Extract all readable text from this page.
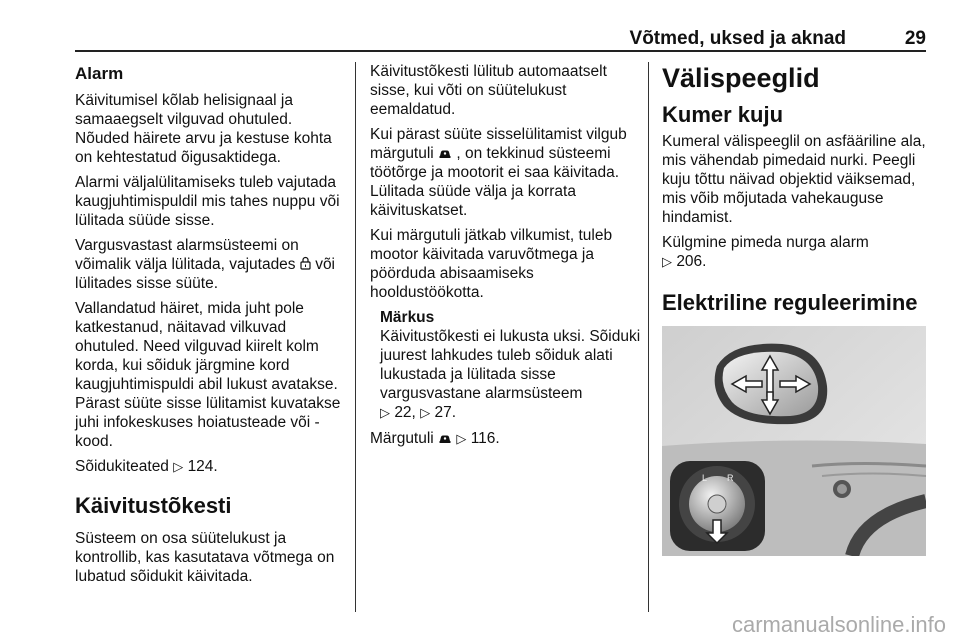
Võtmed, uksed ja aknad	29
Alarm

Käivitumisel kõlab helisignaal ja samaaegselt vilguvad ohutuled. Nõuded häirete arvu ja kestuse kohta on kehtestatud õigusaktidega.

Alarmi väljalülitamiseks tuleb vajutada kaugjuhtimispuldil mis tahes nuppu või lülitada süüde sisse.

Vargusvastast alarmsüsteemi on võimalik välja lülitada, vajutades või lülitades sisse süüte.

Vallandatud häiret, mida juht pole katkestanud, näitavad vilkuvad ohutuled. Need vilguvad kiirelt kolm korda, kui sõiduk järgmine kord kaugjuhtimispuldi abil lukust avatakse. Pärast süüte sisse lülitamist kuvatakse juhi infokeskuses hoiatusteade või -kood.

Sõidukiteated ▷ 124.

Käivitustõkesti

Süsteem on osa süütelukust ja kontrollib, kas kasutatava võtmega on lubatud sõidukit käivitada.

Käivitustõkesti lülitub automaatselt sisse, kui võti on süütelukust eemaldatud.

Kui pärast süüte sisselülitamist vilgub märgutuli , on tekkinud süsteemi töötõrge ja mootorit ei saa käivitada. Lülitada süüde välja ja korrata käivituskatset.

Kui märgutuli jätkab vilkumist, tuleb mootor käivitada varuvõtmega ja pöörduda abisaamiseks hooldustöökotta.

Märkus
Käivitustõkesti ei lukusta uksi. Sõiduki juurest lahkudes tuleb sõiduk alati lukustada ja lülitada sisse vargusvastane alarmsüsteem
▷ 22, ▷ 27.

Märgutuli ▷ 116.

Välispeeglid
Kumer kuju

Kumeral välispeeglil on asfääriline ala, mis vähendab pimedaid nurki. Peegli kuju tõttu näivad objektid väiksemad, mis võib mõjutada vahekauguse hindamist.

Külgmine pimeda nurga alarm
▷ 206.

Elektriline reguleerimine
L R
carmanualsonline.info
